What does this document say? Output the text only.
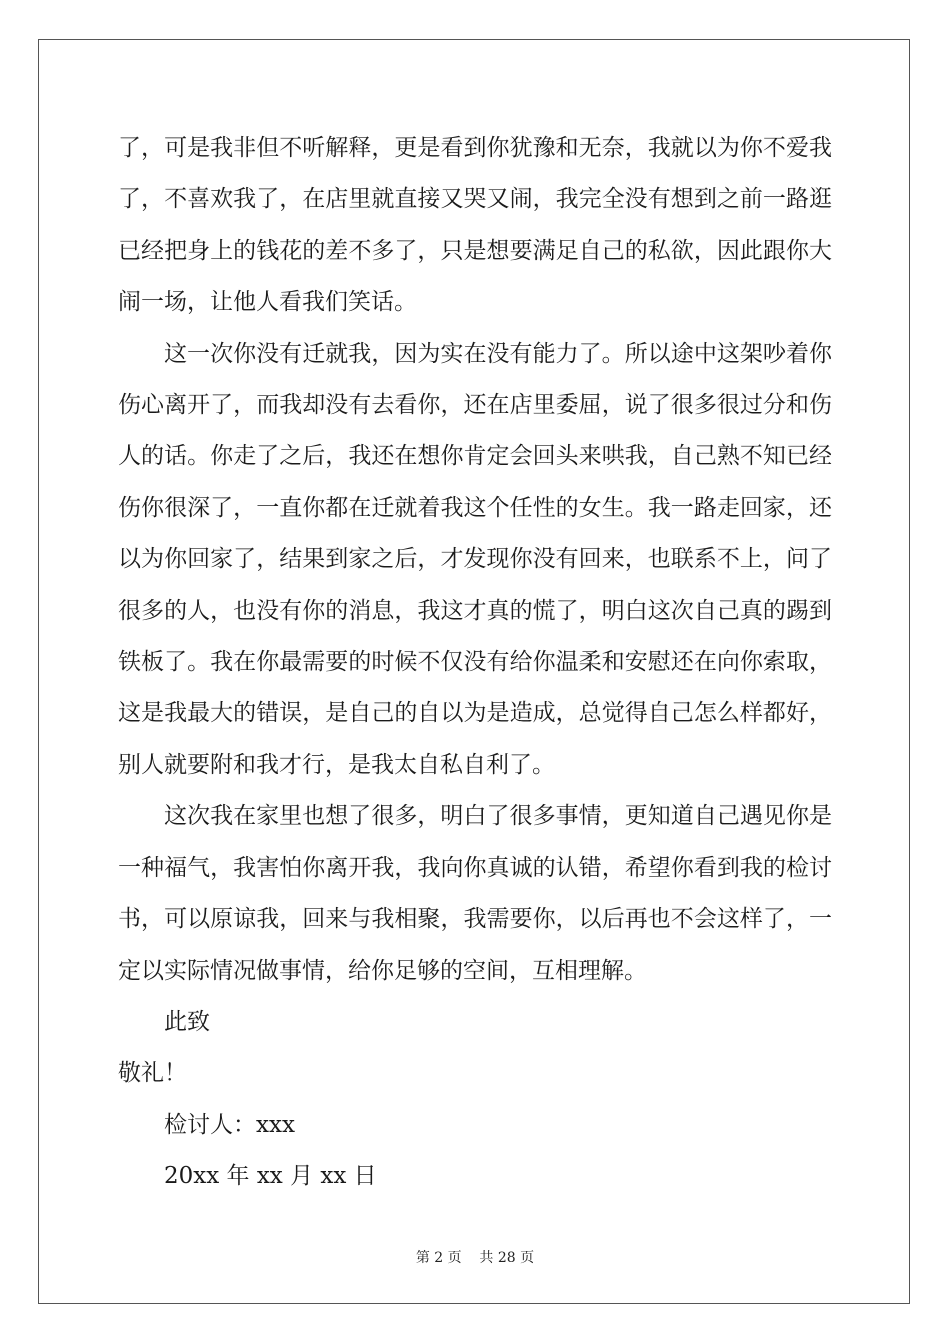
了，可是我非但不听解释，更是看到你犹豫和无奈，我就以为你不爱我了，不喜欢我了，在店里就直接又哭又闹，我完全没有想到之前一路逛已经把身上的钱花的差不多了，只是想要满足自己的私欲，因此跟你大闹一场，让他人看我们笑话。

这一次你没有迁就我，因为实在没有能力了。所以途中这架吵着你伤心离开了，而我却没有去看你，还在店里委屈，说了很多很过分和伤人的话。你走了之后，我还在想你肯定会回头来哄我，自己熟不知已经伤你很深了，一直你都在迁就着我这个任性的女生。我一路走回家，还以为你回家了，结果到家之后，才发现你没有回来，也联系不上，问了很多的人，也没有你的消息，我这才真的慌了，明白这次自己真的踢到铁板了。我在你最需要的时候不仅没有给你温柔和安慰还在向你索取，这是我最大的错误，是自己的自以为是造成，总觉得自己怎么样都好，别人就要附和我才行，是我太自私自利了。

这次我在家里也想了很多，明白了很多事情，更知道自己遇见你是一种福气，我害怕你离开我，我向你真诚的认错，希望你看到我的检讨书，可以原谅我，回来与我相聚，我需要你，以后再也不会这样了，一定以实际情况做事情，给你足够的空间，互相理解。

此致
敬礼！
检讨人：xxx
20xx 年 xx 月 xx 日
第 2 页    共 28 页
